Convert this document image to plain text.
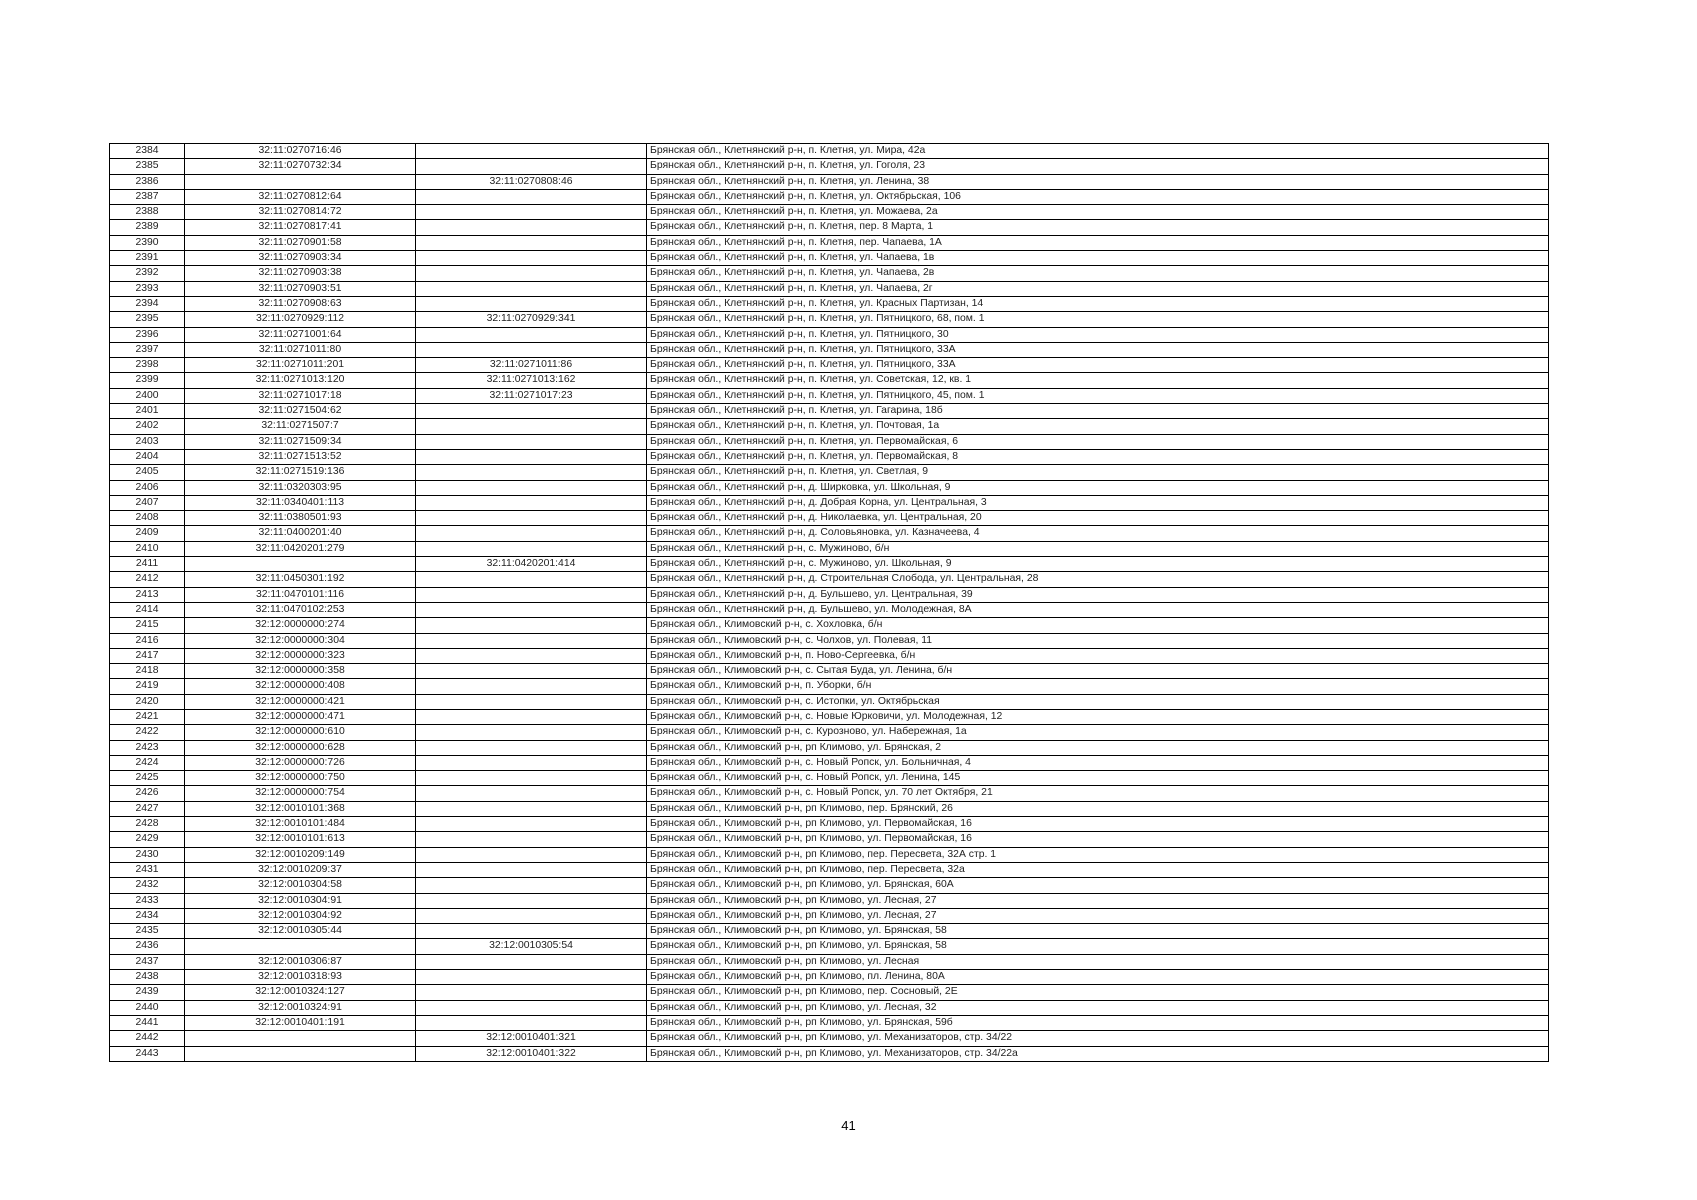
2384	32:11:0270716:46		Брянская обл., Клетнянский р-н, п. Клетня, ул. Мира, 42а
2385	32:11:0270732:34		Брянская обл., Клетнянский р-н, п. Клетня, ул. Гоголя, 23
2386		32:11:0270808:46	Брянская обл., Клетнянский р-н, п. Клетня, ул. Ленина, 38
2387	32:11:0270812:64		Брянская обл., Клетнянский р-н, п. Клетня, ул. Октябрьская, 106
2388	32:11:0270814:72		Брянская обл., Клетнянский р-н, п. Клетня, ул. Можаева, 2а
2389	32:11:0270817:41		Брянская обл., Клетнянский р-н, п. Клетня, пер. 8 Марта, 1
2390	32:11:0270901:58		Брянская обл., Клетнянский р-н, п. Клетня, пер. Чапаева, 1А
2391	32:11:0270903:34		Брянская обл., Клетнянский р-н, п. Клетня, ул. Чапаева, 1в
2392	32:11:0270903:38		Брянская обл., Клетнянский р-н, п. Клетня, ул. Чапаева, 2в
2393	32:11:0270903:51		Брянская обл., Клетнянский р-н, п. Клетня, ул. Чапаева, 2г
2394	32:11:0270908:63		Брянская обл., Клетнянский р-н, п. Клетня, ул. Красных Партизан, 14
2395	32:11:0270929:112	32:11:0270929:341	Брянская обл., Клетнянский р-н, п. Клетня, ул. Пятницкого, 68, пом. 1
2396	32:11:0271001:64		Брянская обл., Клетнянский р-н, п. Клетня, ул. Пятницкого, 30
2397	32:11:0271011:80		Брянская обл., Клетнянский р-н, п. Клетня, ул. Пятницкого, 33А
2398	32:11:0271011:201	32:11:0271011:86	Брянская обл., Клетнянский р-н, п. Клетня, ул. Пятницкого, 33А
2399	32:11:0271013:120	32:11:0271013:162	Брянская обл., Клетнянский р-н, п. Клетня, ул. Советская, 12, кв. 1
2400	32:11:0271017:18	32:11:0271017:23	Брянская обл., Клетнянский р-н, п. Клетня, ул. Пятницкого, 45, пом. 1
2401	32:11:0271504:62		Брянская обл., Клетнянский р-н, п. Клетня, ул. Гагарина, 18б
2402	32:11:0271507:7		Брянская обл., Клетнянский р-н, п. Клетня, ул. Почтовая, 1а
2403	32:11:0271509:34		Брянская обл., Клетнянский р-н, п. Клетня, ул. Первомайская, 6
2404	32:11:0271513:52		Брянская обл., Клетнянский р-н, п. Клетня, ул. Первомайская, 8
2405	32:11:0271519:136		Брянская обл., Клетнянский р-н, п. Клетня, ул. Светлая, 9
2406	32:11:0320303:95		Брянская обл., Клетнянский р-н, д. Ширковка, ул. Школьная, 9
2407	32:11:0340401:113		Брянская обл., Клетнянский р-н, д. Добрая Корна, ул. Центральная, 3
2408	32:11:0380501:93		Брянская обл., Клетнянский р-н, д. Николаевка, ул. Центральная, 20
2409	32:11:0400201:40		Брянская обл., Клетнянский р-н, д. Соловьяновка, ул. Казначеева, 4
2410	32:11:0420201:279		Брянская обл., Клетнянский р-н, с. Мужиново, б/н
2411		32:11:0420201:414	Брянская обл., Клетнянский р-н, с. Мужиново, ул. Школьная, 9
2412	32:11:0450301:192		Брянская обл., Клетнянский р-н, д. Строительная Слобода, ул. Центральная, 28
2413	32:11:0470101:116		Брянская обл., Клетнянский р-н, д. Бульшево, ул. Центральная, 39
2414	32:11:0470102:253		Брянская обл., Клетнянский р-н, д. Бульшево, ул. Молодежная, 8А
2415	32:12:0000000:274		Брянская обл., Климовский р-н, с. Хохловка, б/н
2416	32:12:0000000:304		Брянская обл., Климовский р-н, с. Чолхов, ул. Полевая, 11
2417	32:12:0000000:323		Брянская обл., Климовский р-н, п. Ново-Сергеевка, б/н
2418	32:12:0000000:358		Брянская обл., Климовский р-н, с. Сытая Буда, ул. Ленина, б/н
2419	32:12:0000000:408		Брянская обл., Климовский р-н, п. Уборки, б/н
2420	32:12:0000000:421		Брянская обл., Климовский р-н, с. Истопки, ул. Октябрьская
2421	32:12:0000000:471		Брянская обл., Климовский р-н, с. Новые Юрковичи, ул. Молодежная, 12
2422	32:12:0000000:610		Брянская обл., Климовский р-н, с. Курозново, ул. Набережная, 1а
2423	32:12:0000000:628		Брянская обл., Климовский р-н, рп Климово, ул. Брянская, 2
2424	32:12:0000000:726		Брянская обл., Климовский р-н, с. Новый Ропск, ул. Больничная, 4
2425	32:12:0000000:750		Брянская обл., Климовский р-н, с. Новый Ропск, ул. Ленина, 145
2426	32:12:0000000:754		Брянская обл., Климовский р-н, с. Новый Ропск, ул. 70 лет Октября, 21
2427	32:12:0010101:368		Брянская обл., Климовский р-н, рп Климово, пер. Брянский, 26
2428	32:12:0010101:484		Брянская обл., Климовский р-н, рп Климово, ул. Первомайская, 16
2429	32:12:0010101:613		Брянская обл., Климовский р-н, рп Климово, ул. Первомайская, 16
2430	32:12:0010209:149		Брянская обл., Климовский р-н, рп Климово, пер. Пересвета, 32А стр. 1
2431	32:12:0010209:37		Брянская обл., Климовский р-н, рп Климово, пер. Пересвета, 32а
2432	32:12:0010304:58		Брянская обл., Климовский р-н, рп Климово, ул. Брянская, 60А
2433	32:12:0010304:91		Брянская обл., Климовский р-н, рп Климово, ул. Лесная, 27
2434	32:12:0010304:92		Брянская обл., Климовский р-н, рп Климово, ул. Лесная, 27
2435	32:12:0010305:44		Брянская обл., Климовский р-н, рп Климово, ул. Брянская, 58
2436		32:12:0010305:54	Брянская обл., Климовский р-н, рп Климово, ул. Брянская, 58
2437	32:12:0010306:87		Брянская обл., Климовский р-н, рп Климово, ул. Лесная
2438	32:12:0010318:93		Брянская обл., Климовский р-н, рп Климово, пл. Ленина, 80А
2439	32:12:0010324:127		Брянская обл., Климовский р-н, рп Климово, пер. Сосновый, 2Е
2440	32:12:0010324:91		Брянская обл., Климовский р-н, рп Климово, ул. Лесная, 32
2441	32:12:0010401:191		Брянская обл., Климовский р-н, рп Климово, ул. Брянская, 59б
2442		32:12:0010401:321	Брянская обл., Климовский р-н, рп Климово, ул. Механизаторов, стр. 34/22
2443		32:12:0010401:322	Брянская обл., Климовский р-н, рп Климово, ул. Механизаторов, стр. 34/22а
41
